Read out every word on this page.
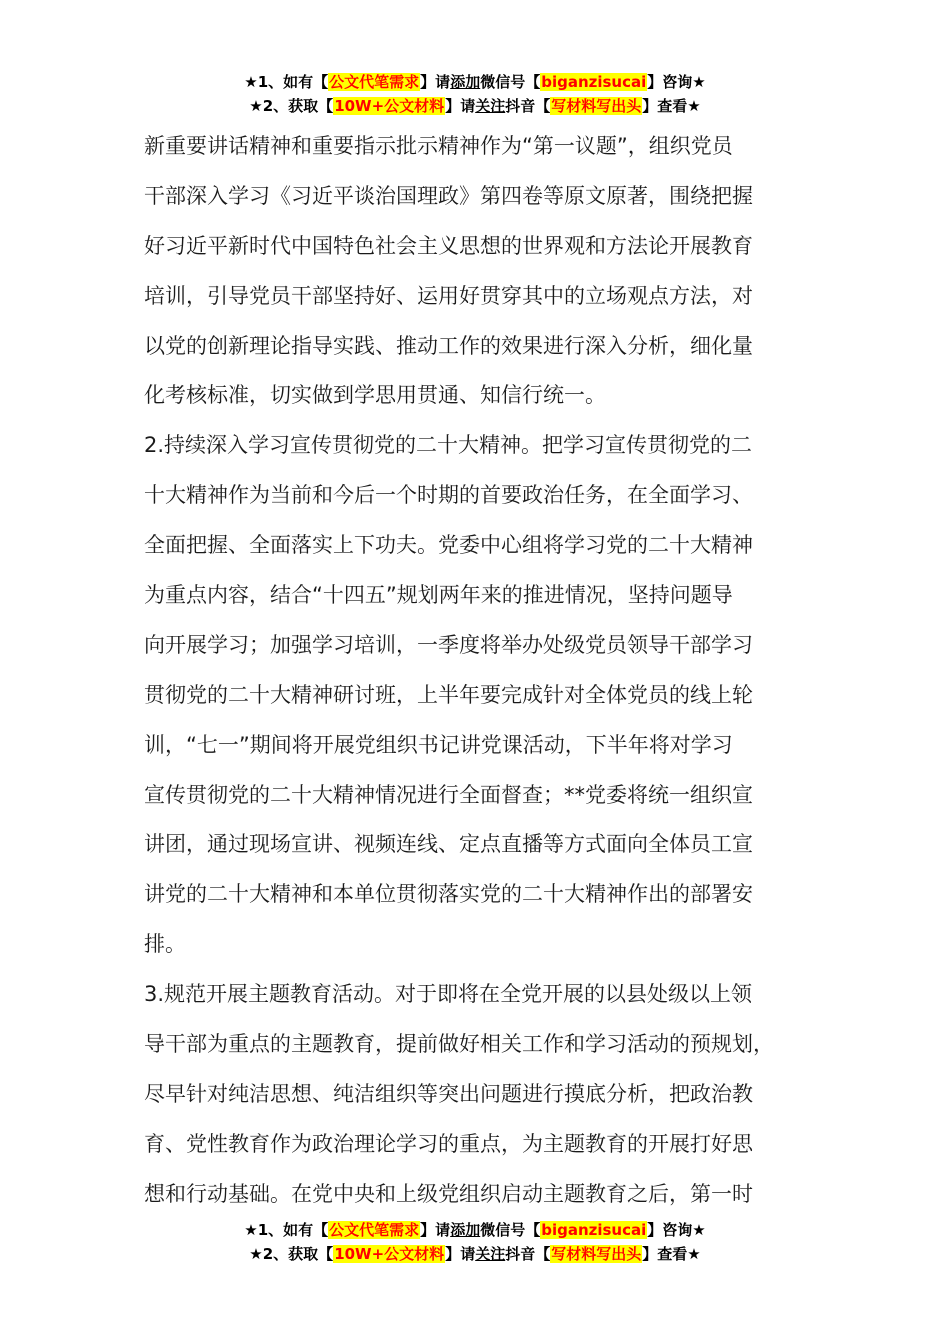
★1、如有【公文代笔需求】请添加微信号【biganzisucai】咨询★
★2、获取【10W+公文材料】请关注抖音【写材料写出头】查看★
新重要讲话精神和重要指示批示精神作为“第一议题”，组织党员
干部深入学习《习近平谈治国理政》第四卷等原文原著，围绕把握
好习近平新时代中国特色社会主义思想的世界观和方法论开展教育
培训，引导党员干部坚持好、运用好贯穿其中的立场观点方法，对
以党的创新理论指导实践、推动工作的效果进行深入分析，细化量
化考核标准，切实做到学思用贯通、知信行统一。
2.持续深入学习宣传贯彻党的二十大精神。把学习宣传贯彻党的二
十大精神作为当前和今后一个时期的首要政治任务，在全面学习、
全面把握、全面落实上下功夫。党委中心组将学习党的二十大精神
为重点内容，结合“十四五”规划两年来的推进情况，坚持问题导
向开展学习；加强学习培训，一季度将举办处级党员领导干部学习
贯彻党的二十大精神研讨班，上半年要完成针对全体党员的线上轮
训，“七一”期间将开展党组织书记讲党课活动，下半年将对学习
宣传贯彻党的二十大精神情况进行全面督查；**党委将统一组织宣
讲团，通过现场宣讲、视频连线、定点直播等方式面向全体员工宣
讲党的二十大精神和本单位贯彻落实党的二十大精神作出的部署安
排。
3.规范开展主题教育活动。对于即将在全党开展的以县处级以上领
导干部为重点的主题教育，提前做好相关工作和学习活动的预规划，
尽早针对纯洁思想、纯洁组织等突出问题进行摸底分析，把政治教
育、党性教育作为政治理论学习的重点，为主题教育的开展打好思
想和行动基础。在党中央和上级党组织启动主题教育之后，第一时
★1、如有【公文代笔需求】请添加微信号【biganzisucai】咨询★
★2、获取【10W+公文材料】请关注抖音【写材料写出头】查看★
